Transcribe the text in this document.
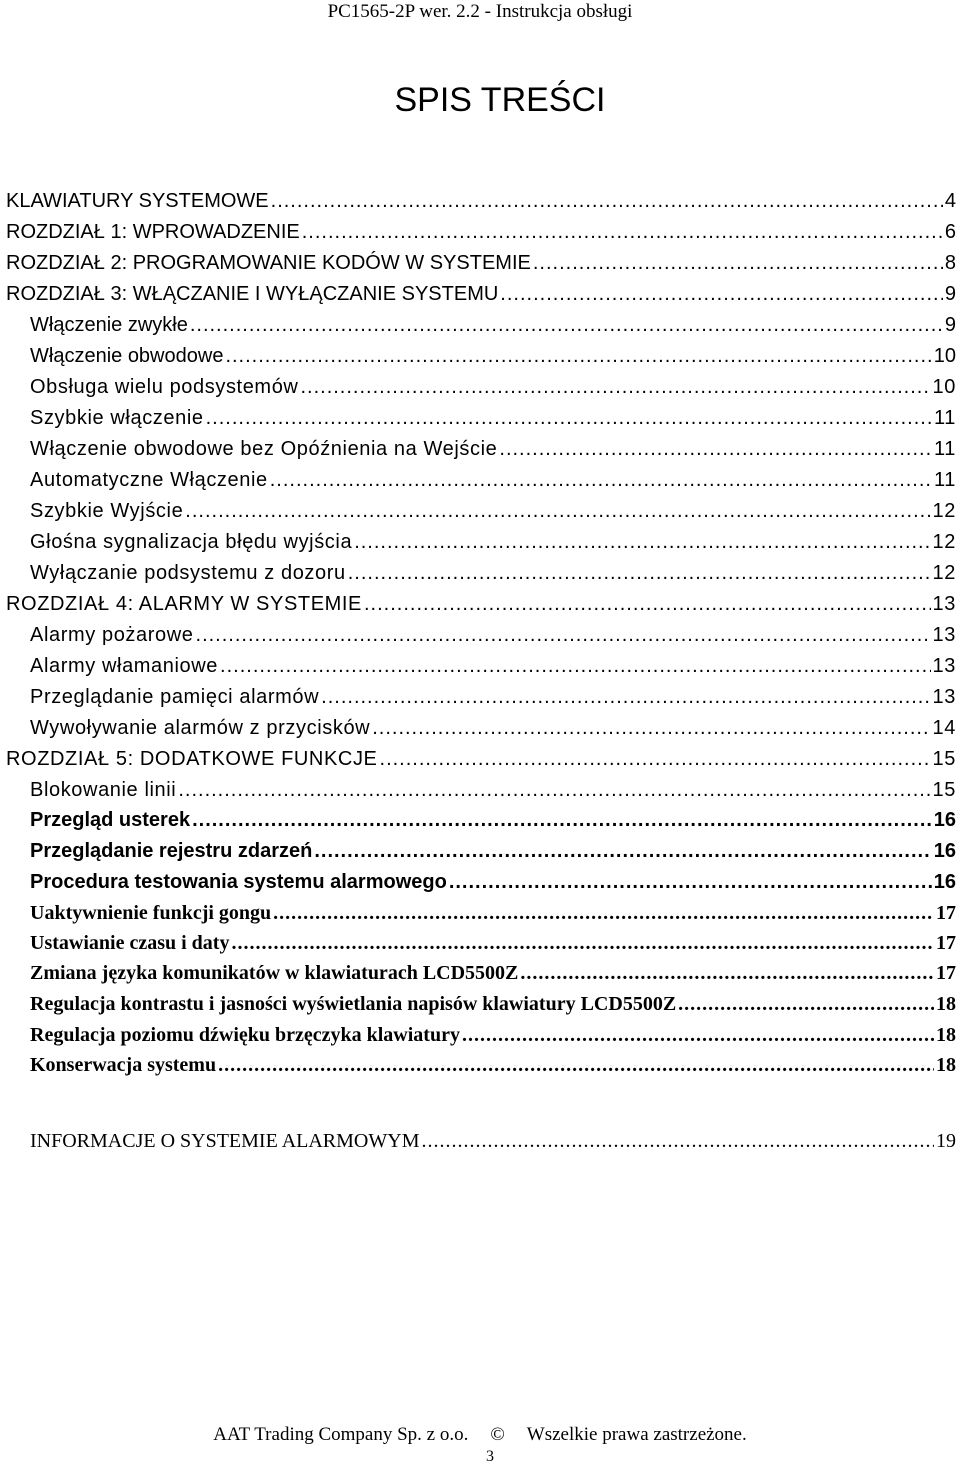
PC1565-2P wer. 2.2 - Instrukcja obsługi
SPIS TREŚCI
KLAWIATURY SYSTEMOWE .....	4
ROZDZIAŁ 1: WPROWADZENIE .....	6
ROZDZIAŁ 2: PROGRAMOWANIE KODÓW W SYSTEMIE .....	8
ROZDZIAŁ 3: WŁĄCZANIE I WYŁĄCZANIE SYSTEMU .....	9
Włączenie zwykłe .....	9
Włączenie obwodowe .....	10
Obsługa wielu podsystemów .....	10
Szybkie włączenie .....	11
Włączenie obwodowe bez Opóźnienia na Wejście .....	11
Automatyczne Włączenie .....	11
Szybkie Wyjście .....	12
Głośna sygnalizacja błędu wyjścia .....	12
Wyłączanie podsystemu z dozoru .....	12
ROZDZIAŁ 4: ALARMY W SYSTEMIE .....	13
Alarmy pożarowe .....	13
Alarmy włamaniowe .....	13
Przeglądanie pamięci alarmów .....	13
Wywoływanie alarmów z przycisków .....	14
ROZDZIAŁ 5: DODATKOWE FUNKCJE .....	15
Blokowanie linii .....	15
Przegląd usterek .....	16
Przeglądanie rejestru zdarzeń .....	16
Procedura testowania systemu alarmowego .....	16
Uaktywnienie funkcji gongu .....	17
Ustawianie czasu i daty .....	17
Zmiana języka komunikatów w klawiaturach LCD5500Z .....	17
Regulacja kontrastu i jasności wyświetlania napisów klawiatury LCD5500Z .....	18
Regulacja poziomu dźwięku brzęczyka klawiatury .....	18
Konserwacja systemu .....	18
INFORMACJE O SYSTEMIE ALARMOWYM .....	19
AAT Trading Company Sp. z o.o. © Wszelkie prawa zastrzeżone.
3
